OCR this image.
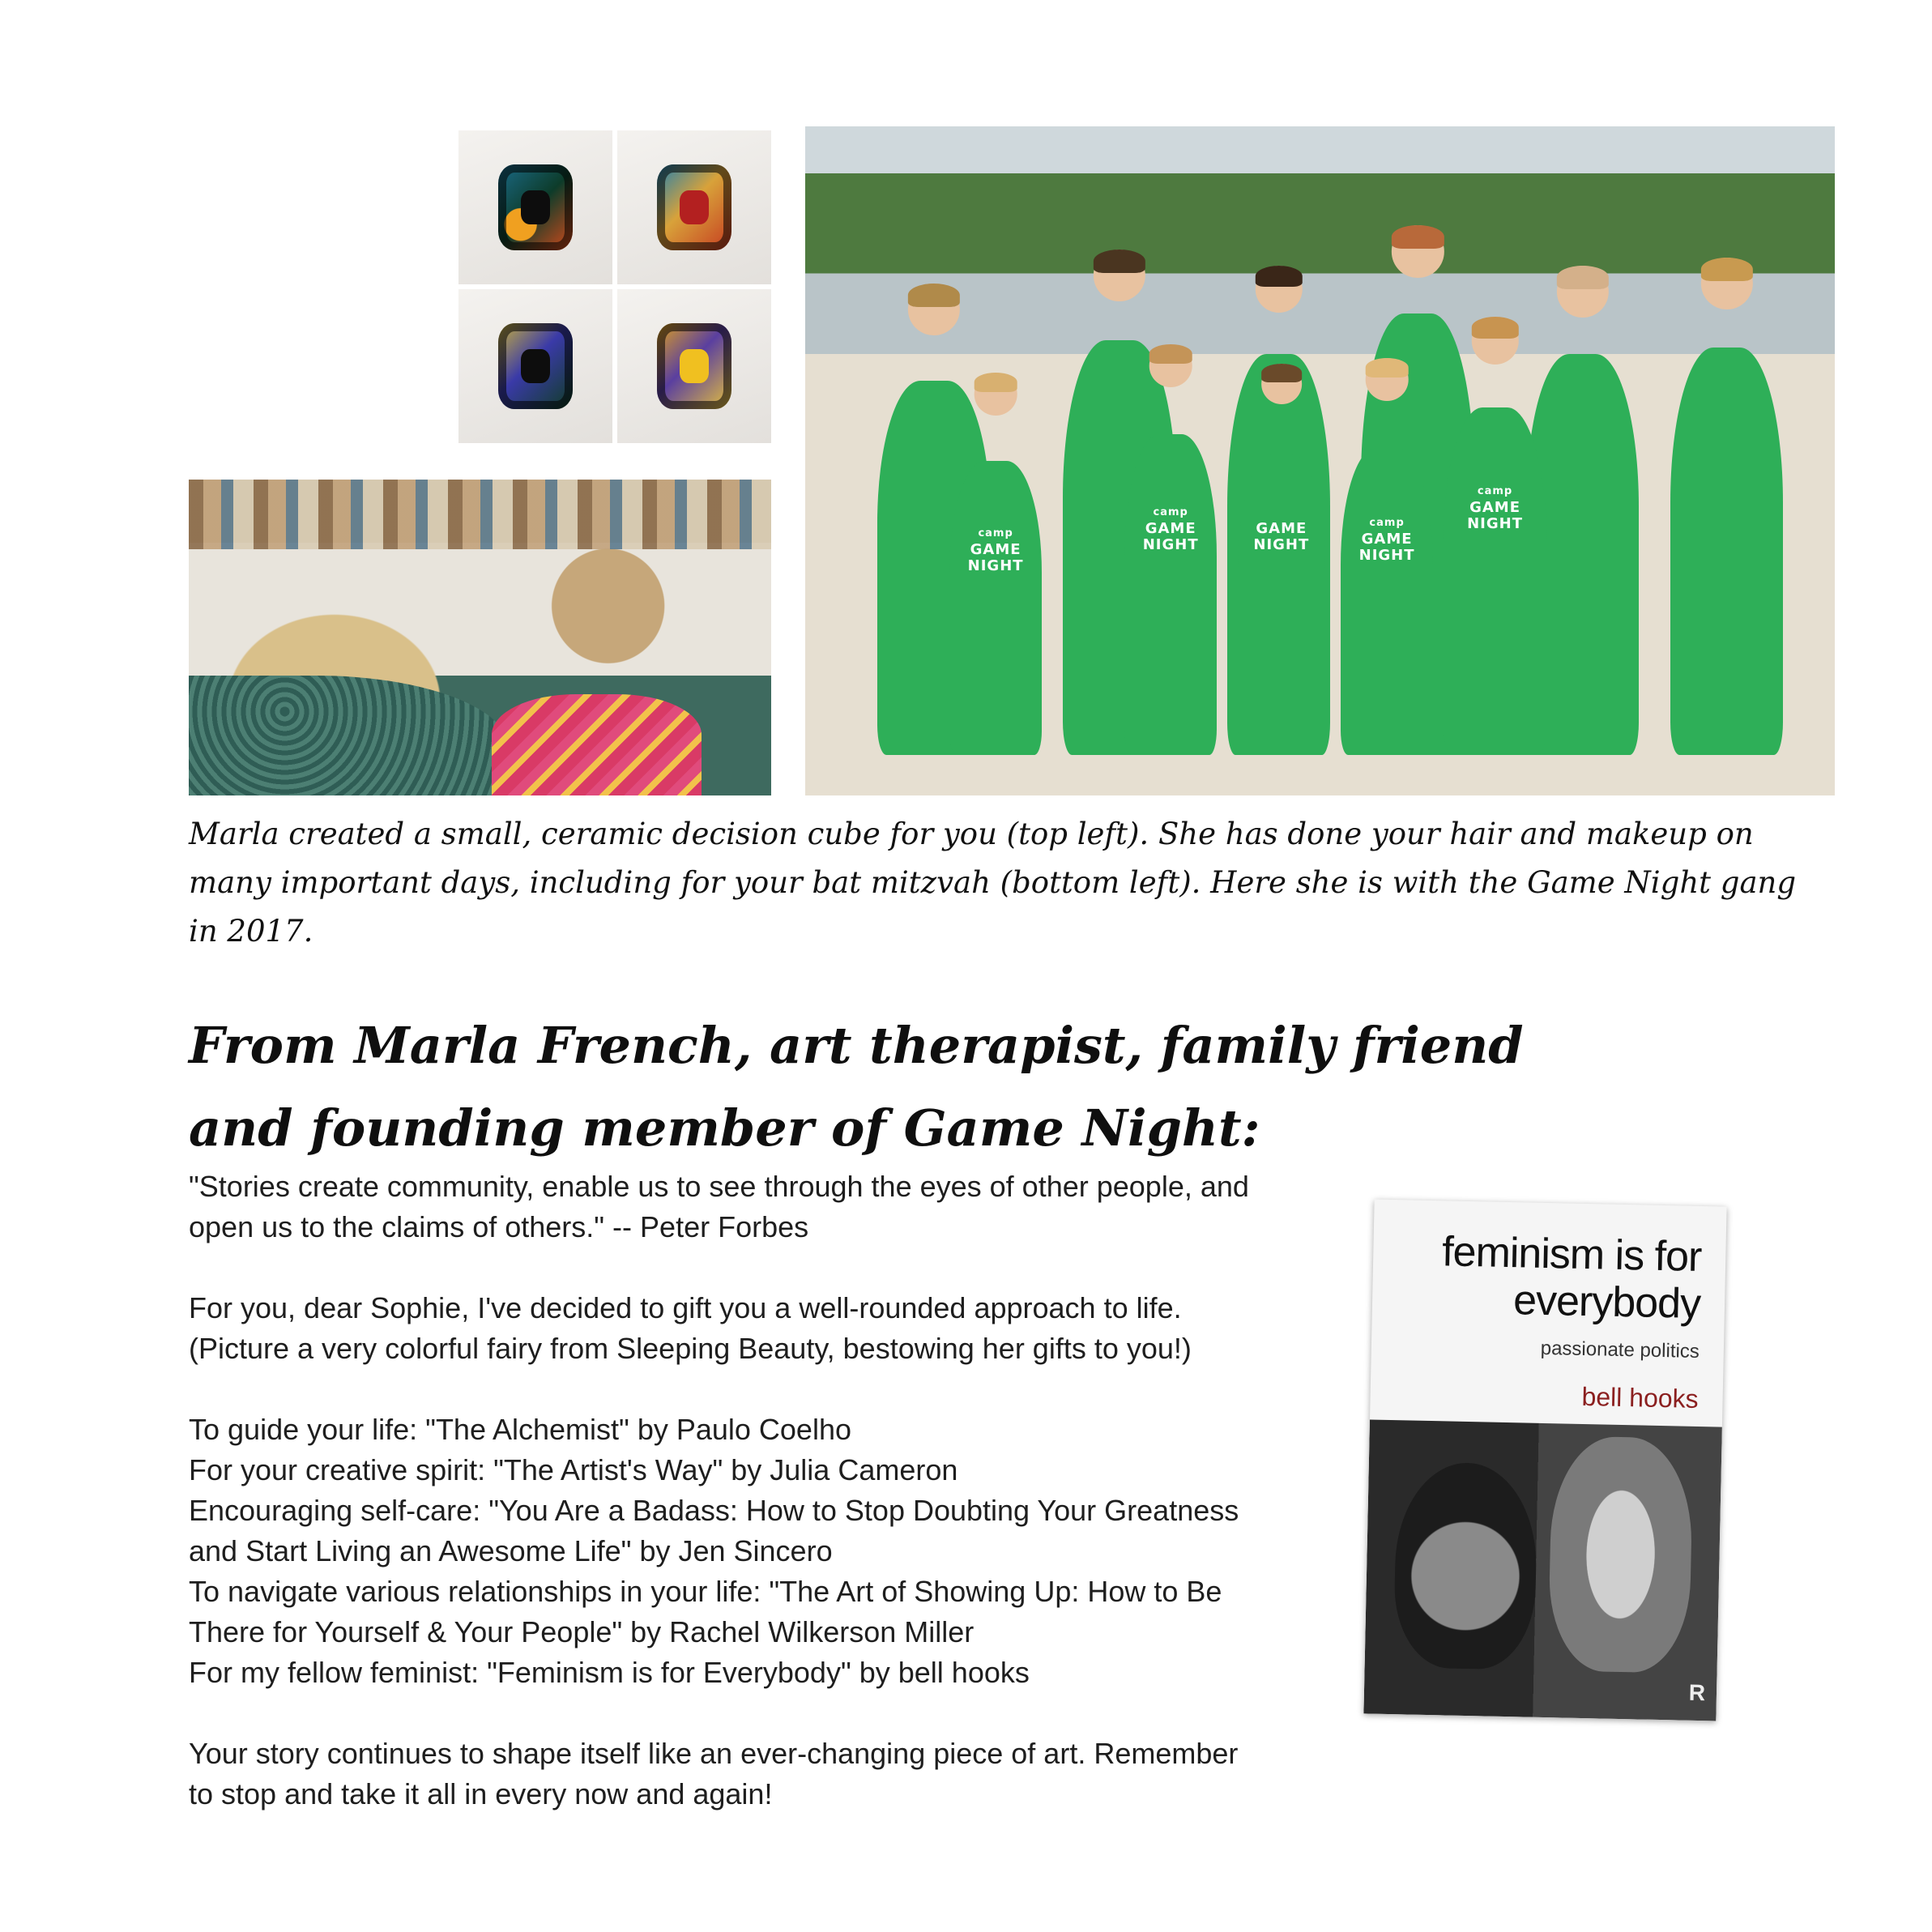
camp
GAME
NIGHT
camp
GAME
NIGHT
GAME
NIGHT
camp
GAME
NIGHT
camp
GAME
NIGHT
Marla created a small, ceramic decision cube for you (top left). She has done your hair and makeup on many important days, including for your bat mitzvah (bottom left). Here she is with the Game Night gang in 2017.
From Marla French, art therapist, family friend
and founding member of Game Night:

"Stories create community, enable us to see through the eyes of other people, and

open us to the claims of others." -- Peter Forbes

For you, dear Sophie, I've decided to gift you a well-rounded approach to life.

(Picture a very colorful fairy from Sleeping Beauty, bestowing her gifts to you!)

To guide your life: "The Alchemist" by Paulo Coelho

For your creative spirit: "The Artist's Way" by Julia Cameron

Encouraging self-care: "You Are a Badass: How to Stop Doubting Your Greatness

and Start Living an Awesome Life" by Jen Sincero

To navigate various relationships in your life: "The Art of Showing Up: How to Be

There for Yourself & Your People" by Rachel Wilkerson Miller

For my fellow feminist: "Feminism is for Everybody" by bell hooks

Your story continues to shape itself like an ever-changing piece of art. Remember

to stop and take it all in every now and again!

feminism is for
everybody
passionate politics
bell hooks
R
